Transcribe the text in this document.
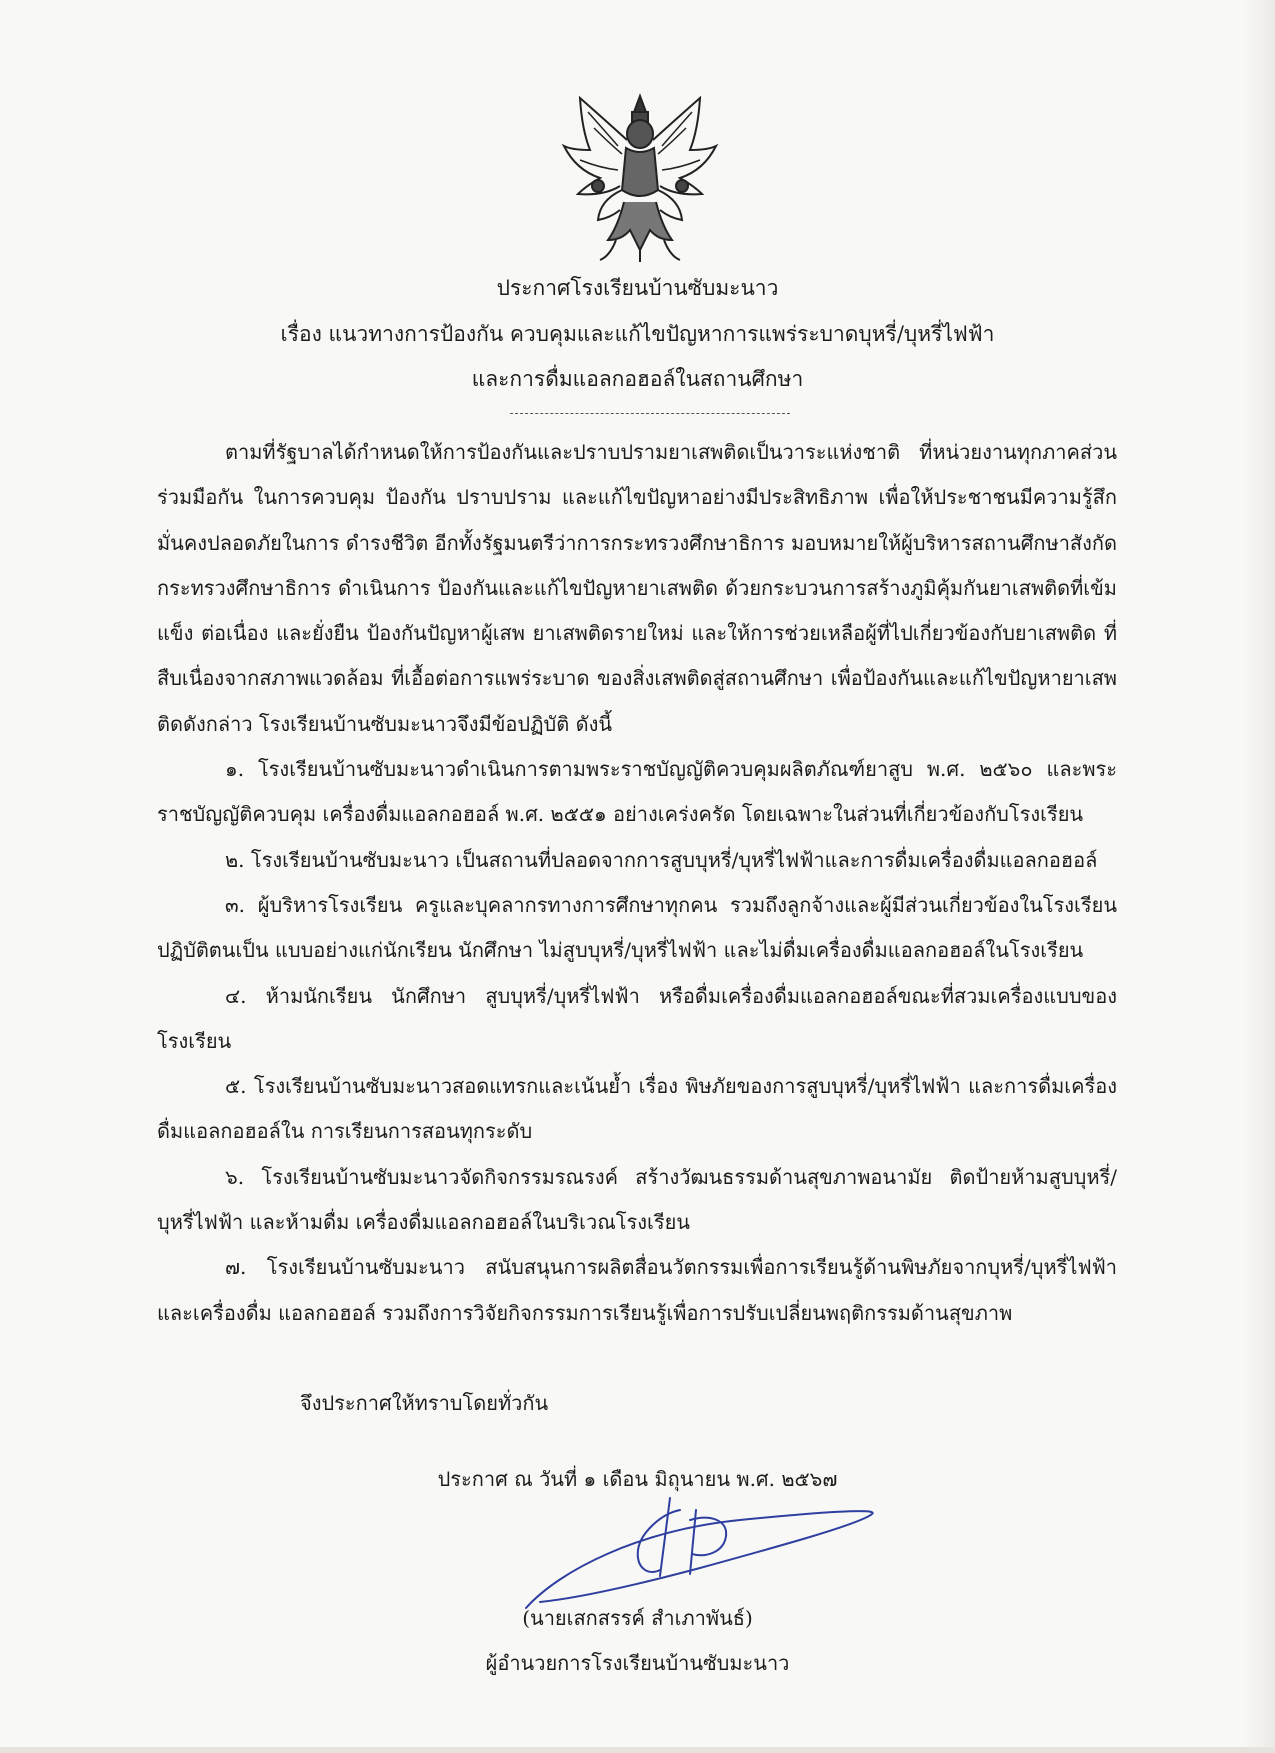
ประกาศโรงเรียนบ้านซับมะนาว
เรื่อง แนวทางการป้องกัน ควบคุมและแก้ไขปัญหาการแพร่ระบาดบุหรี่/บุหรี่ไฟฟ้า
และการดื่มแอลกอฮอล์ในสถานศึกษา

ตามที่รัฐบาลได้กำหนดให้การป้องกันและปราบปรามยาเสพติดเป็นวาระแห่งชาติ ที่หน่วยงานทุกภาคส่วนร่วมมือกัน ในการควบคุม ป้องกัน ปราบปราม และแก้ไขปัญหาอย่างมีประสิทธิภาพ เพื่อให้ประชาชนมีความรู้สึกมั่นคงปลอดภัยในการ ดำรงชีวิต อีกทั้งรัฐมนตรีว่าการกระทรวงศึกษาธิการ มอบหมายให้ผู้บริหารสถานศึกษาสังกัดกระทรวงศึกษาธิการ ดำเนินการ ป้องกันและแก้ไขปัญหายาเสพติด ด้วยกระบวนการสร้างภูมิคุ้มกันยาเสพติดที่เข้มแข็ง ต่อเนื่อง และยั่งยืน ป้องกันปัญหาผู้เสพ ยาเสพติดรายใหม่ และให้การช่วยเหลือผู้ที่ไปเกี่ยวข้องกับยาเสพติด ที่สืบเนื่องจากสภาพแวดล้อม ที่เอื้อต่อการแพร่ระบาด ของสิ่งเสพติดสู่สถานศึกษา เพื่อป้องกันและแก้ไขปัญหายาเสพติดดังกล่าว โรงเรียนบ้านซับมะนาวจึงมีข้อปฏิบัติ ดังนี้

๑. โรงเรียนบ้านซับมะนาวดำเนินการตามพระราชบัญญัติควบคุมผลิตภัณฑ์ยาสูบ พ.ศ. ๒๕๖๐ และพระราชบัญญัติควบคุม เครื่องดื่มแอลกอฮอล์ พ.ศ. ๒๕๕๑ อย่างเคร่งครัด โดยเฉพาะในส่วนที่เกี่ยวข้องกับโรงเรียน

๒. โรงเรียนบ้านซับมะนาว เป็นสถานที่ปลอดจากการสูบบุหรี่/บุหรี่ไฟฟ้าและการดื่มเครื่องดื่มแอลกอฮอล์

๓. ผู้บริหารโรงเรียน ครูและบุคลากรทางการศึกษาทุกคน รวมถึงลูกจ้างและผู้มีส่วนเกี่ยวข้องในโรงเรียนปฏิบัติตนเป็น แบบอย่างแก่นักเรียน นักศึกษา ไม่สูบบุหรี่/บุหรี่ไฟฟ้า และไม่ดื่มเครื่องดื่มแอลกอฮอล์ในโรงเรียน

๔. ห้ามนักเรียน นักศึกษา สูบบุหรี่/บุหรี่ไฟฟ้า หรือดื่มเครื่องดื่มแอลกอฮอล์ขณะที่สวมเครื่องแบบของโรงเรียน

๕. โรงเรียนบ้านซับมะนาวสอดแทรกและเน้นย้ำ เรื่อง พิษภัยของการสูบบุหรี่/บุหรี่ไฟฟ้า และการดื่มเครื่องดื่มแอลกอฮอล์ใน การเรียนการสอนทุกระดับ

๖. โรงเรียนบ้านซับมะนาวจัดกิจกรรมรณรงค์ สร้างวัฒนธรรมด้านสุขภาพอนามัย ติดป้ายห้ามสูบบุหรี่/บุหรี่ไฟฟ้า และห้ามดื่ม เครื่องดื่มแอลกอฮอล์ในบริเวณโรงเรียน

๗. โรงเรียนบ้านซับมะนาว สนับสนุนการผลิตสื่อนวัตกรรมเพื่อการเรียนรู้ด้านพิษภัยจากบุหรี่/บุหรี่ไฟฟ้าและเครื่องดื่ม แอลกอฮอล์ รวมถึงการวิจัยกิจกรรมการเรียนรู้เพื่อการปรับเปลี่ยนพฤติกรรมด้านสุขภาพ

จึงประกาศให้ทราบโดยทั่วกัน
ประกาศ ณ วันที่ ๑ เดือน มิถุนายน พ.ศ. ๒๕๖๗
(นายเสกสรรค์ สำเภาพันธ์)
ผู้อำนวยการโรงเรียนบ้านซับมะนาว
